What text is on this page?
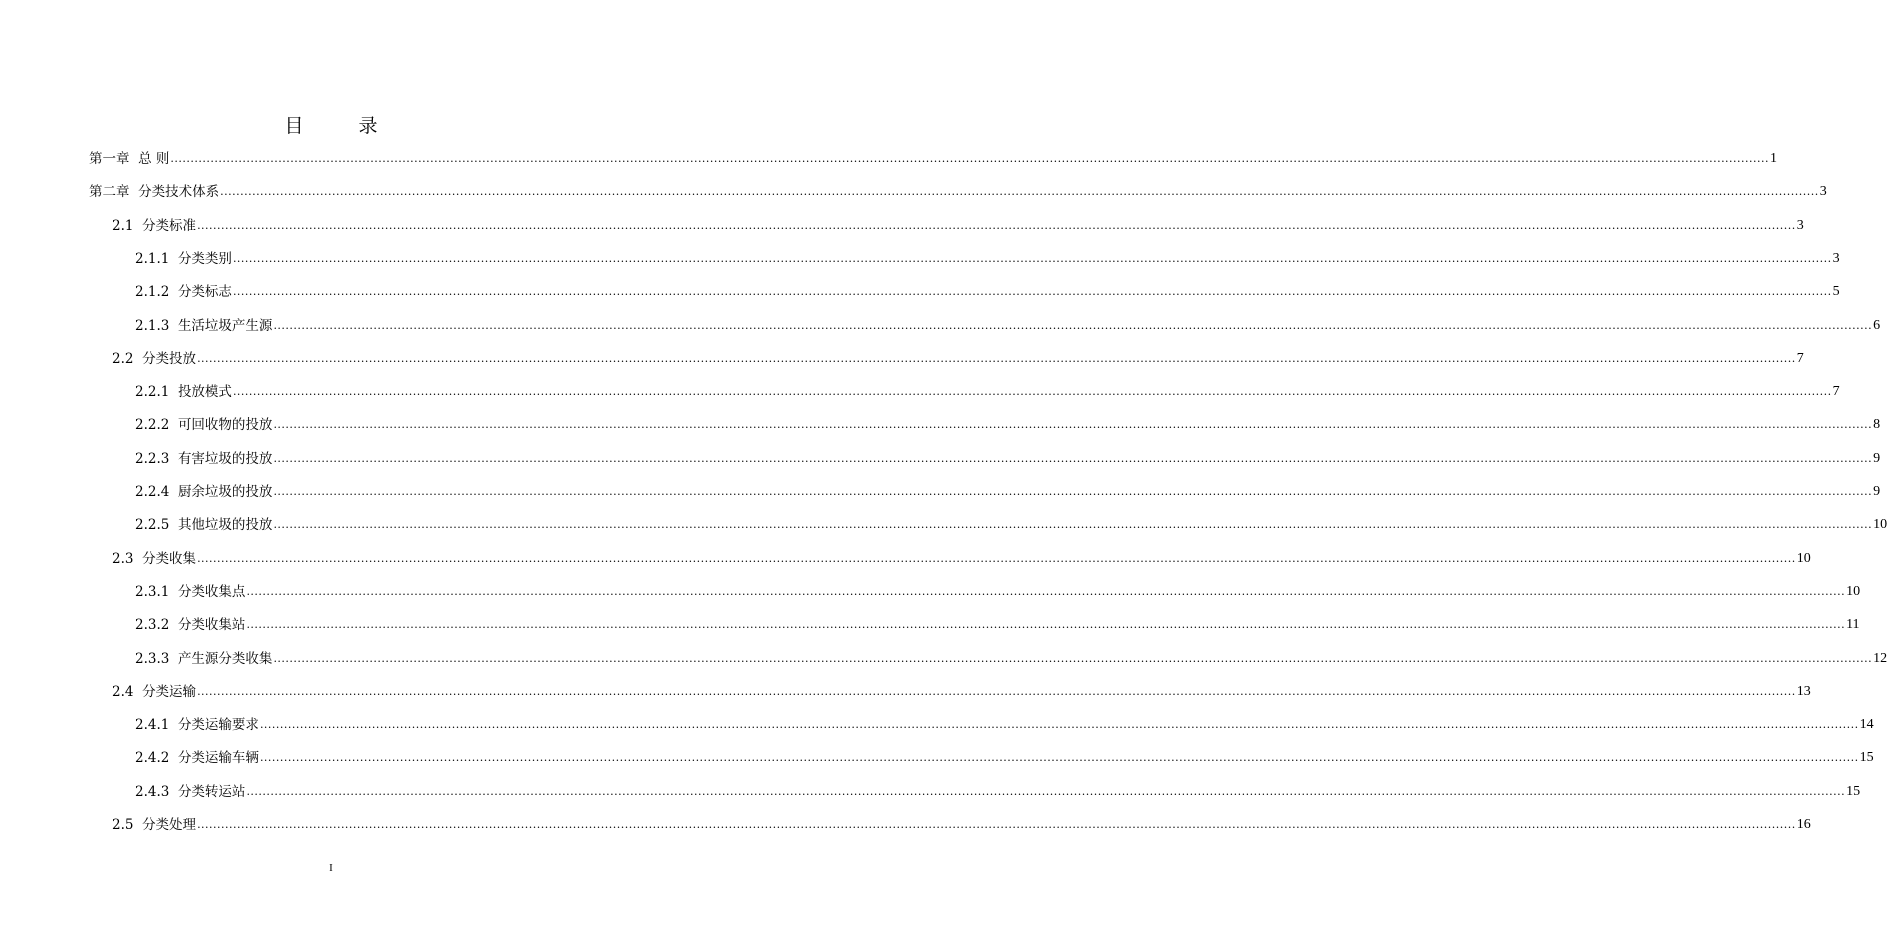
目　录
第一章 总 则 ................................................................................................................................................................................................................................................................................................................................................................................................................ 1
第二章 分类技术体系 ................................................................................................................................................................................................................................................................................................................................................................................................................ 3
2.1 分类标准 ................................................................................................................................................................................................................................................................................................................................................................................................................ 3
2.1.1 分类类别 ................................................................................................................................................................................................................................................................................................................................................................................................................ 3
2.1.2 分类标志 ................................................................................................................................................................................................................................................................................................................................................................................................................ 5
2.1.3 生活垃圾产生源 ................................................................................................................................................................................................................................................................................................................................................................................................................ 6
2.2 分类投放 ................................................................................................................................................................................................................................................................................................................................................................................................................ 7
2.2.1 投放模式 ................................................................................................................................................................................................................................................................................................................................................................................................................ 7
2.2.2 可回收物的投放 ................................................................................................................................................................................................................................................................................................................................................................................................................ 8
2.2.3 有害垃圾的投放 ................................................................................................................................................................................................................................................................................................................................................................................................................ 9
2.2.4 厨余垃圾的投放 ................................................................................................................................................................................................................................................................................................................................................................................................................ 9
2.2.5 其他垃圾的投放 ................................................................................................................................................................................................................................................................................................................................................................................................................ 10
2.3 分类收集 ................................................................................................................................................................................................................................................................................................................................................................................................................ 10
2.3.1 分类收集点 ................................................................................................................................................................................................................................................................................................................................................................................................................ 10
2.3.2 分类收集站 ................................................................................................................................................................................................................................................................................................................................................................................................................ 11
2.3.3 产生源分类收集 ................................................................................................................................................................................................................................................................................................................................................................................................................ 12
2.4 分类运输 ................................................................................................................................................................................................................................................................................................................................................................................................................ 13
2.4.1 分类运输要求 ................................................................................................................................................................................................................................................................................................................................................................................................................ 14
2.4.2 分类运输车辆 ................................................................................................................................................................................................................................................................................................................................................................................................................ 15
2.4.3 分类转运站 ................................................................................................................................................................................................................................................................................................................................................................................................................ 15
2.5 分类处理 ................................................................................................................................................................................................................................................................................................................................................................................................................ 16
I
